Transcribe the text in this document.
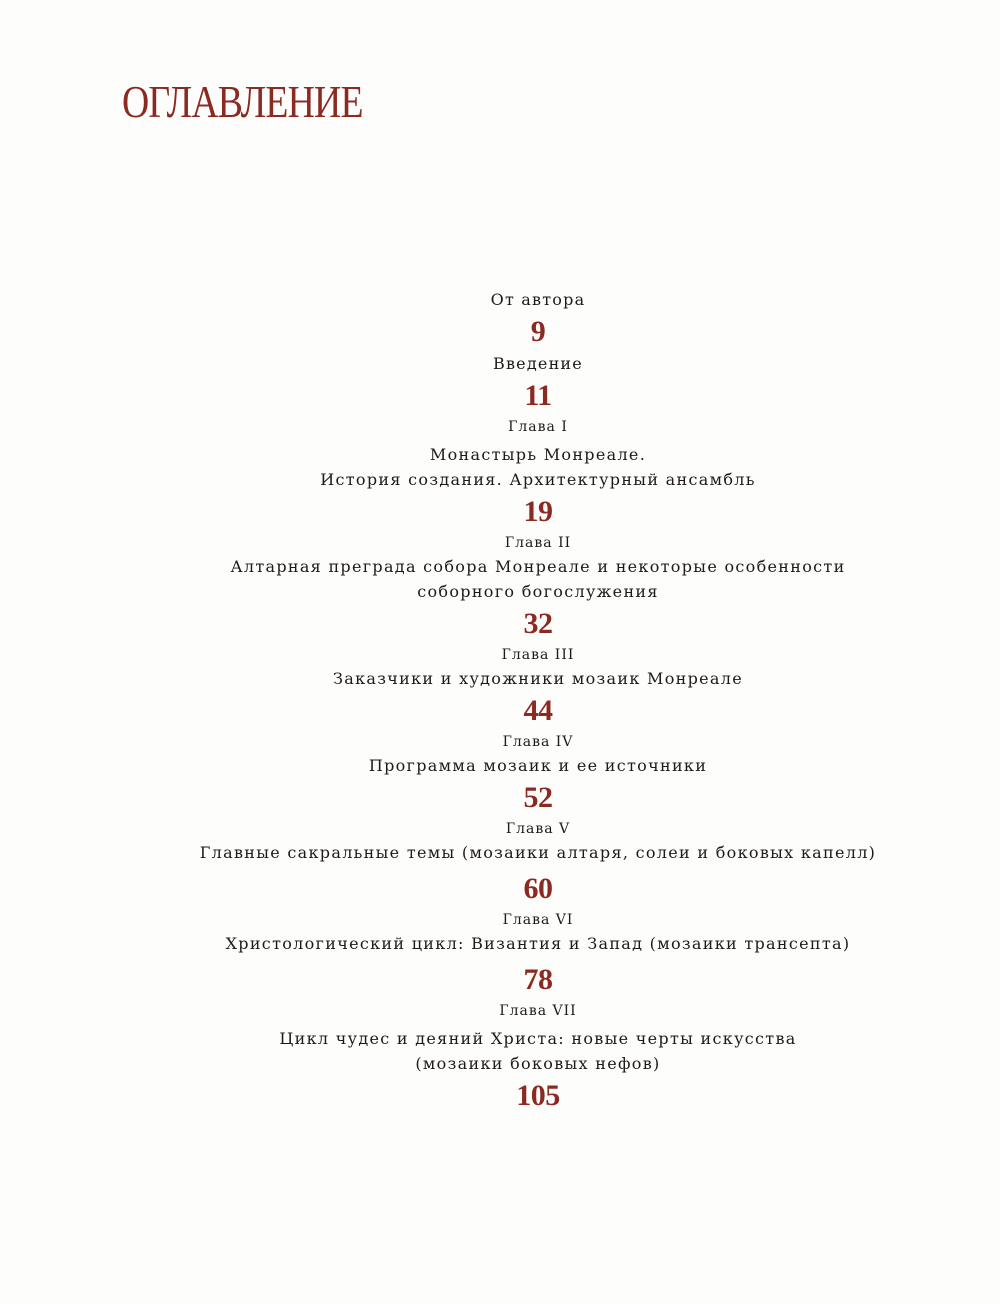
ОГЛАВЛЕНИЕ
От автора
9
Введение
11
Глава I
Монастырь Монреале.
История создания. Архитектурный ансамбль
19
Глава II
Алтарная преграда собора Монреале и некоторые особенности
соборного богослужения
32
Глава III
Заказчики и художники мозаик Монреале
44
Глава IV
Программа мозаик и ее источники
52
Глава V
Главные сакральные темы (мозаики алтаря, солеи и боковых капелл)
60
Глава VI
Христологический цикл: Византия и Запад (мозаики трансепта)
78
Глава VII
Цикл чудес и деяний Христа: новые черты искусства
(мозаики боковых нефов)
105
